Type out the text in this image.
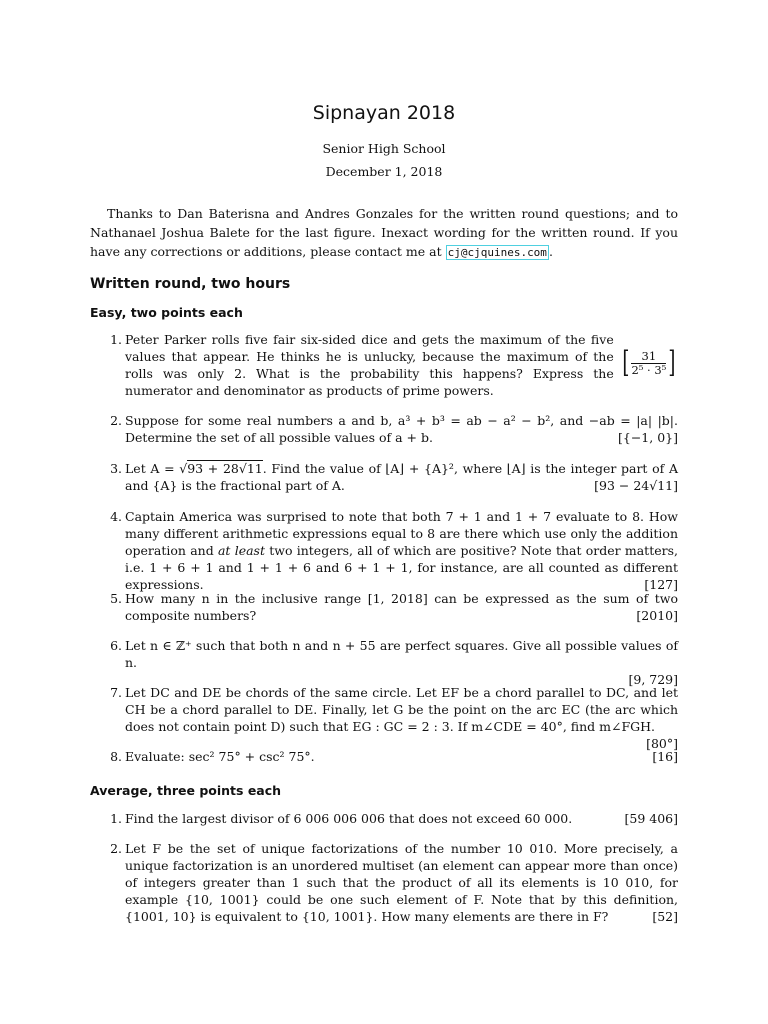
Sipnayan 2018
Senior High School
December 1, 2018
Thanks to Dan Baterisna and Andres Gonzales for the written round questions; and to Nathanael Joshua Balete for the last figure. Inexact wording for the written round. If you have any corrections or additions, please contact me at cj@cjquines.com .
Written round, two hours
Easy, two points each
1.
[ $\frac{31}{\text{2⁵ · 3⁵}}$ ]
Peter Parker rolls five fair six-sided dice and gets the maximum of the five values that appear. He thinks he is unlucky, because the maximum of the rolls was only 2. What is the probability this happens? Express the numerator and denominator as products of prime powers.
2. Suppose for some real numbers a and b, a³ + b³ = ab − a² − b², and −ab = |a| |b|. Determine the set of all possible values of a + b.	[{−1, 0}]
3. Let A = √93 + 28√11. Find the value of ⌊A⌋ + {A}², where ⌊A⌋ is the integer part of A and {A} is the fractional part of A.	[93 − 24√11]
4. Captain America was surprised to note that both 7 + 1 and 1 + 7 evaluate to 8. How many different arithmetic expressions equal to 8 are there which use only the addition operation and at least two integers, all of which are positive? Note that order matters, i.e. 1 + 6 + 1 and 1 + 1 + 6 and 6 + 1 + 1, for instance, are all counted as different expressions.	[127]
5. How many n in the inclusive range [1, 2018] can be expressed as the sum of two composite numbers?	[2010]
6. Let n ∈ ℤ⁺ such that both n and n + 55 are perfect squares. Give all possible values of n.

[9, 729]
7. Let DC and DE be chords of the same circle. Let EF be a chord parallel to DC, and let CH be a chord parallel to DE. Finally, let G be the point on the arc EC (the arc which does not contain point D) such that EG : GC = 2 : 3. If m∠CDE = 40°, find m∠FGH.
[80°]
8. Evaluate: sec² 75° + csc² 75°.	[16]
Average, three points each
1. Find the largest divisor of 6 006 006 006 that does not exceed 60 000.	[59 406]
2. Let F be the set of unique factorizations of the number 10 010. More precisely, a unique factorization is an unordered multiset (an element can appear more than once) of integers greater than 1 such that the product of all its elements is 10 010, for example {10, 1001} could be one such element of F. Note that by this definition, {1001, 10} is equivalent to {10, 1001}. How many elements are there in F?	[52]
